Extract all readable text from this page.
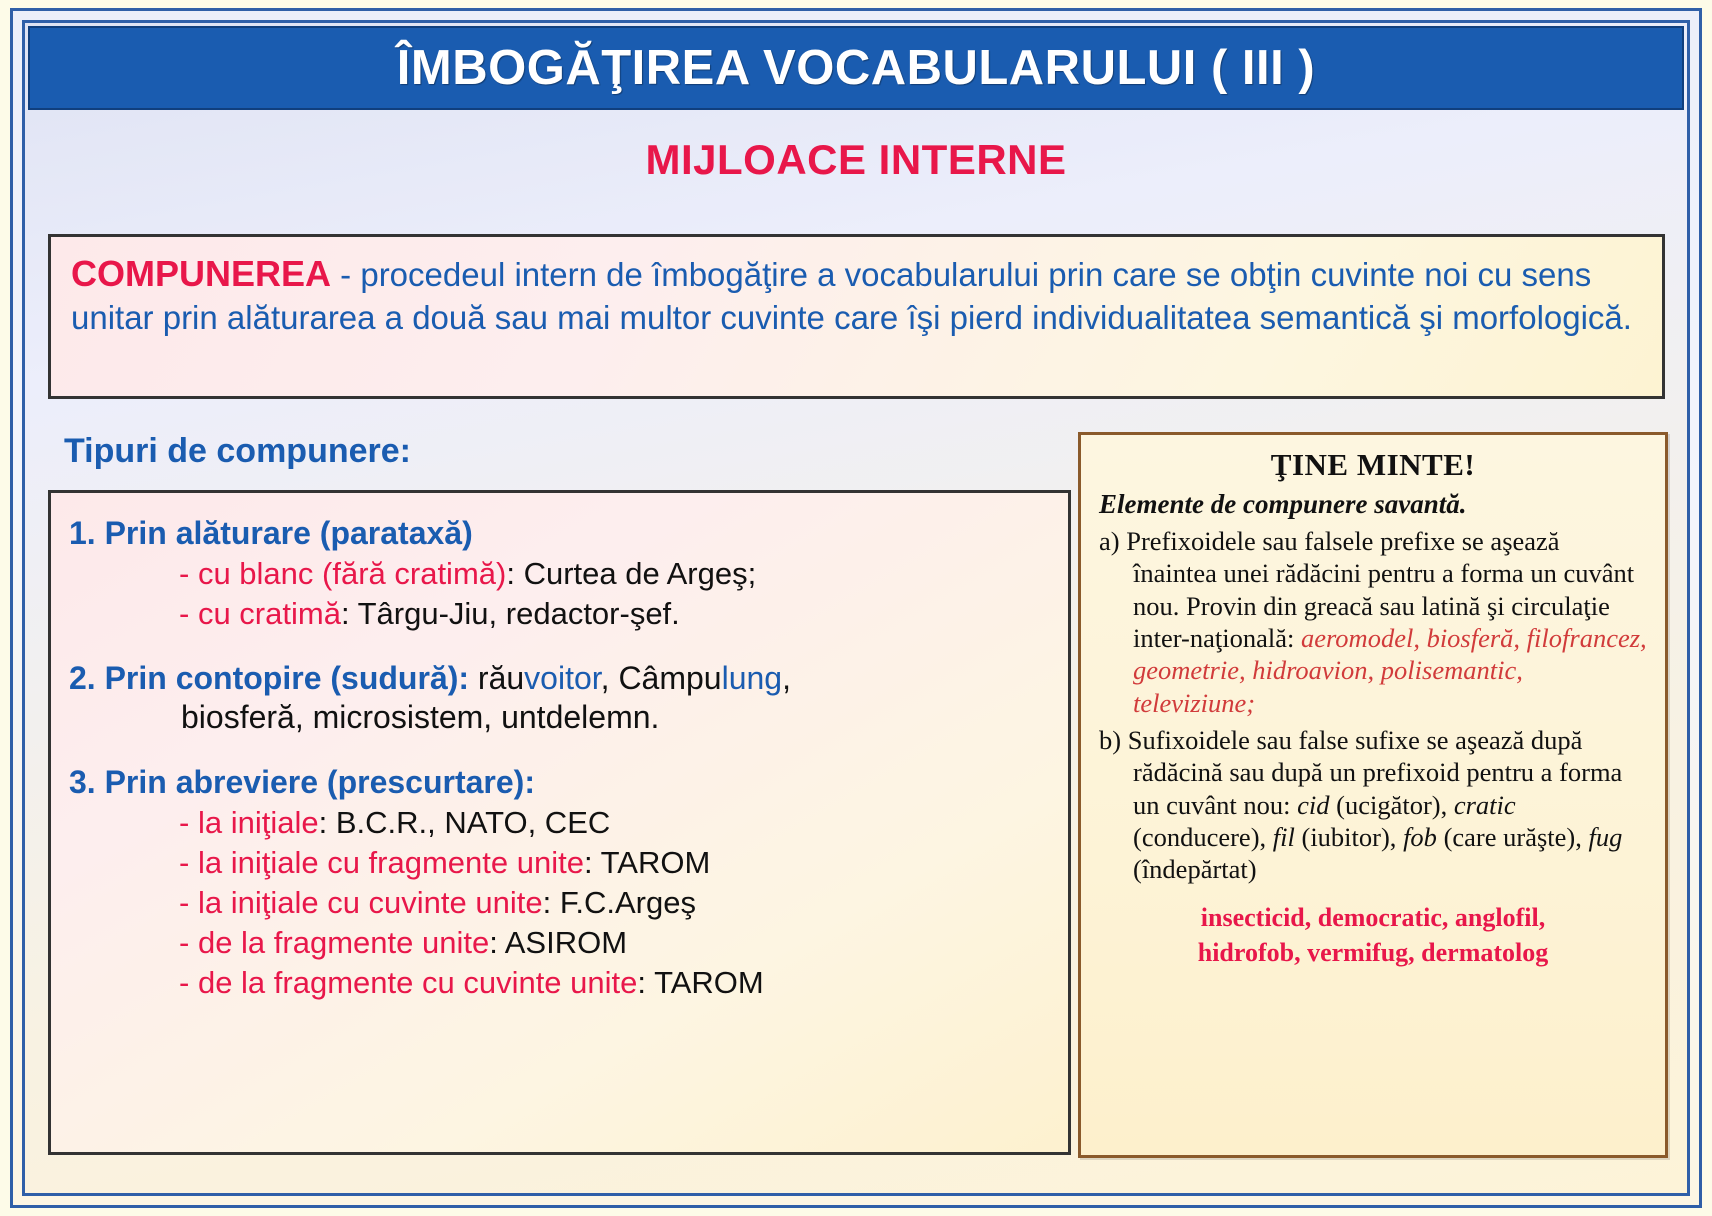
ÎMBOGĂŢIREA VOCABULARULUI ( III )
MIJLOACE INTERNE
COMPUNEREA - procedeul intern de îmbogăţire a vocabularului prin care se obţin cuvinte noi cu sens unitar prin alăturarea a două sau mai multor cuvinte care îşi pierd individualitatea semantică şi morfologică.
Tipuri de compunere:
1. Prin alăturare (parataxă)
- cu blanc (fără cratimă): Curtea de Argeş;
- cu cratimă: Târgu-Jiu, redactor-şef.
2. Prin contopire (sudură): răuvoitor, Câmpulung,
biosferă, microsistem, untdelemn.
3. Prin abreviere (prescurtare):
- la iniţiale: B.C.R., NATO, CEC
- la iniţiale cu fragmente unite: TAROM
- la iniţiale cu cuvinte unite: F.C.Argeş
- de la fragmente unite: ASIROM
- de la fragmente cu cuvinte unite: TAROM
ŢINE MINTE!
Elemente de compunere savantă.
a) Prefixoidele sau falsele prefixe se aşează înaintea unei rădăcini pentru a forma un cuvânt nou. Provin din greacă sau latină şi circulaţie inter-naţională: aeromodel, biosferă, filofrancez, geometrie, hidroavion, polisemantic, televiziune;
b) Sufixoidele sau false sufixe se aşează după rădăcină sau după un prefixoid pentru a forma un cuvânt nou: cid (ucigător), cratic (conducere), fil (iubitor), fob (care urăşte), fug (îndepărtat)
insecticid, democratic, anglofil,
hidrofob, vermifug, dermatolog
